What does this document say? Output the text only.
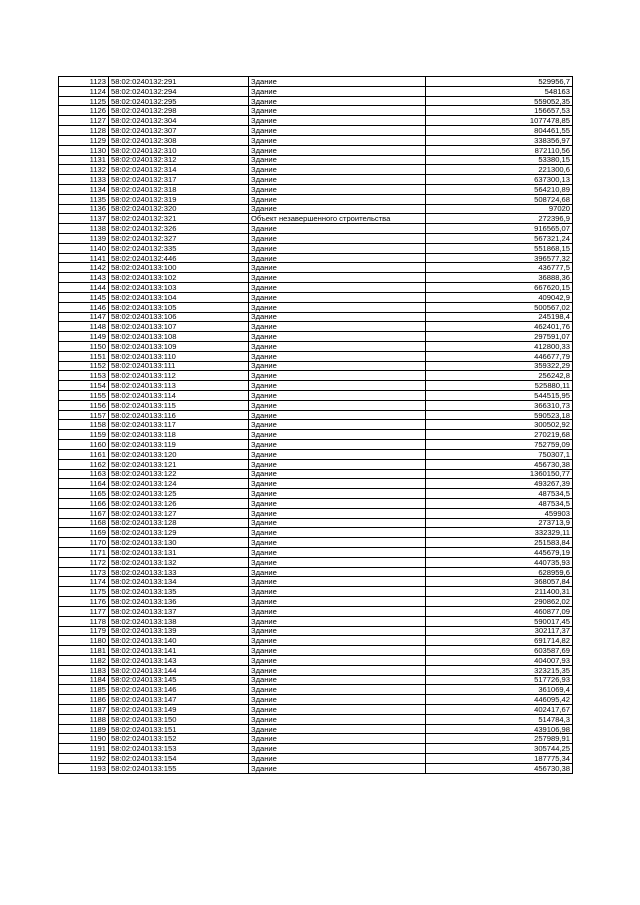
1123	58:02:0240132:291	Здание	529956,7
1124	58:02:0240132:294	Здание	548163
1125	58:02:0240132:295	Здание	559052,35
1126	58:02:0240132:298	Здание	156657,53
1127	58:02:0240132:304	Здание	1077478,85
1128	58:02:0240132:307	Здание	804461,55
1129	58:02:0240132:308	Здание	338356,97
1130	58:02:0240132:310	Здание	872110,56
1131	58:02:0240132:312	Здание	53380,15
1132	58:02:0240132:314	Здание	221300,6
1133	58:02:0240132:317	Здание	637300,13
1134	58:02:0240132:318	Здание	564210,89
1135	58:02:0240132:319	Здание	508724,68
1136	58:02:0240132:320	Здание	97020
1137	58:02:0240132:321	Объект незавершенного строительства	272396,9
1138	58:02:0240132:326	Здание	916565,07
1139	58:02:0240132:327	Здание	567321,24
1140	58:02:0240132:335	Здание	551868,15
1141	58:02:0240132:446	Здание	396577,32
1142	58:02:0240133:100	Здание	436777,5
1143	58:02:0240133:102	Здание	36888,36
1144	58:02:0240133:103	Здание	667620,15
1145	58:02:0240133:104	Здание	409042,9
1146	58:02:0240133:105	Здание	500567,02
1147	58:02:0240133:106	Здание	245198,4
1148	58:02:0240133:107	Здание	462401,76
1149	58:02:0240133:108	Здание	297591,07
1150	58:02:0240133:109	Здание	412800,33
1151	58:02:0240133:110	Здание	446677,79
1152	58:02:0240133:111	Здание	359322,29
1153	58:02:0240133:112	Здание	256242,8
1154	58:02:0240133:113	Здание	525880,11
1155	58:02:0240133:114	Здание	544515,95
1156	58:02:0240133:115	Здание	366310,73
1157	58:02:0240133:116	Здание	590523,18
1158	58:02:0240133:117	Здание	300502,92
1159	58:02:0240133:118	Здание	270219,68
1160	58:02:0240133:119	Здание	752759,09
1161	58:02:0240133:120	Здание	750307,1
1162	58:02:0240133:121	Здание	456730,38
1163	58:02:0240133:122	Здание	1360150,77
1164	58:02:0240133:124	Здание	493267,39
1165	58:02:0240133:125	Здание	487534,5
1166	58:02:0240133:126	Здание	487534,5
1167	58:02:0240133:127	Здание	459903
1168	58:02:0240133:128	Здание	273713,9
1169	58:02:0240133:129	Здание	332329,11
1170	58:02:0240133:130	Здание	251583,84
1171	58:02:0240133:131	Здание	445679,19
1172	58:02:0240133:132	Здание	440735,93
1173	58:02:0240133:133	Здание	628959,6
1174	58:02:0240133:134	Здание	368057,84
1175	58:02:0240133:135	Здание	211400,31
1176	58:02:0240133:136	Здание	290862,02
1177	58:02:0240133:137	Здание	460877,09
1178	58:02:0240133:138	Здание	590017,45
1179	58:02:0240133:139	Здание	302117,37
1180	58:02:0240133:140	Здание	691714,82
1181	58:02:0240133:141	Здание	603587,69
1182	58:02:0240133:143	Здание	404007,93
1183	58:02:0240133:144	Здание	323215,35
1184	58:02:0240133:145	Здание	517726,93
1185	58:02:0240133:146	Здание	361069,4
1186	58:02:0240133:147	Здание	446095,42
1187	58:02:0240133:149	Здание	402417,67
1188	58:02:0240133:150	Здание	514784,3
1189	58:02:0240133:151	Здание	439106,98
1190	58:02:0240133:152	Здание	257989,91
1191	58:02:0240133:153	Здание	305744,25
1192	58:02:0240133:154	Здание	187775,34
1193	58:02:0240133:155	Здание	456730,38
